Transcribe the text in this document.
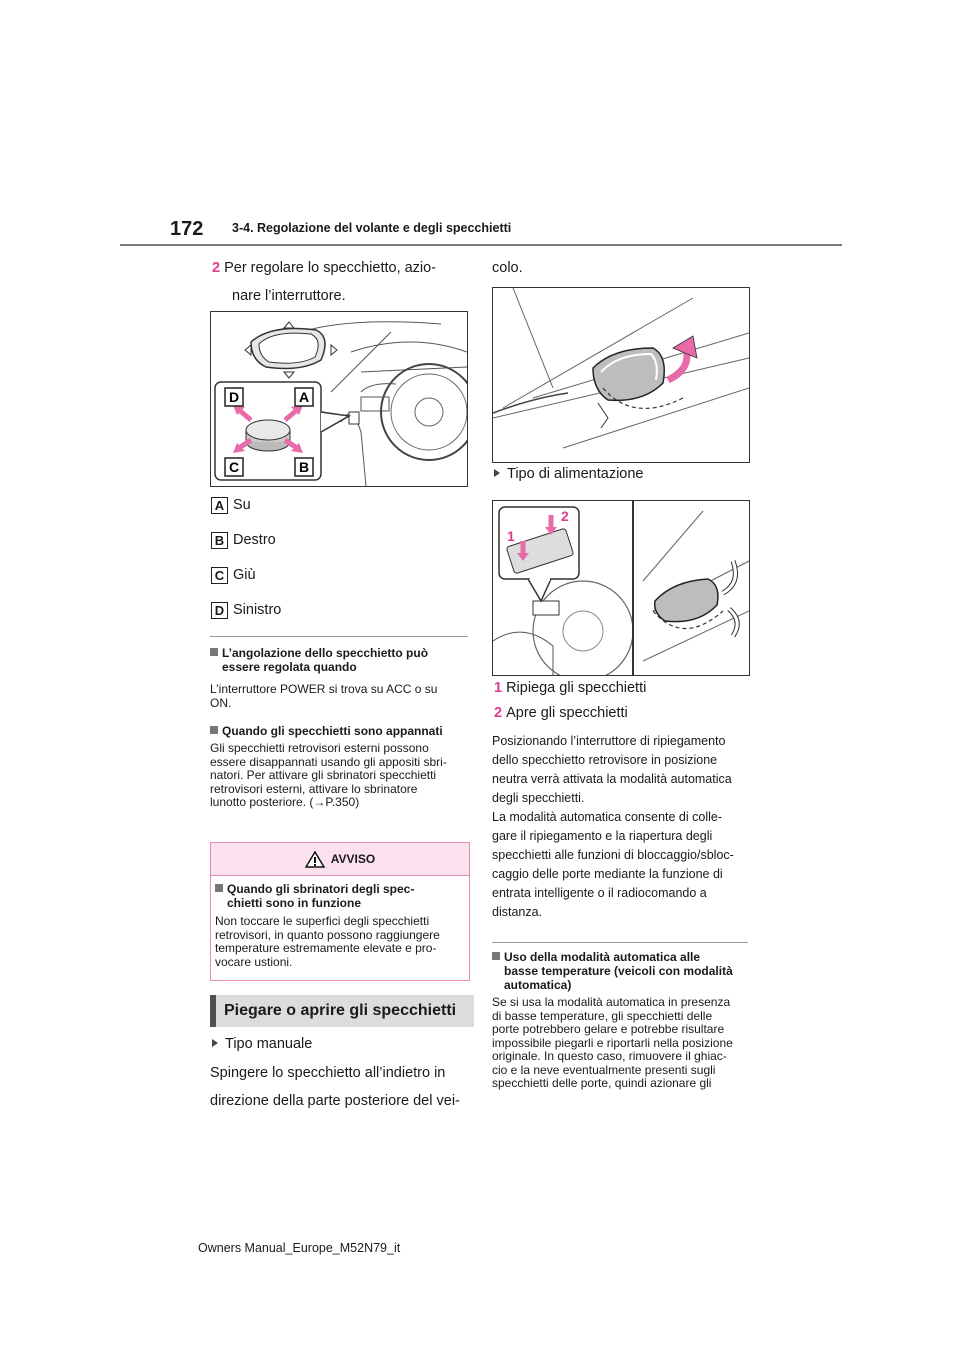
172 3-4. Regolazione del volante e degli specchietti
2 Per regolare lo specchietto, azio-
nare l’interruttore.
D	A
C	B
A Su
B Destro
C Giù
D Sinistro
L’angolazione dello specchietto può
essere regolata quando
L’interruttore POWER si trova su ACC o su
ON.
Quando gli specchietti sono appannati
Gli specchietti retrovisori esterni possono
essere disappannati usando gli appositi sbri-
natori. Per attivare gli sbrinatori specchietti
retrovisori esterni, attivare lo sbrinatore
lunotto posteriore. (→P.350)
AVVISO
Quando gli sbrinatori degli spec-
chietti sono in funzione
Non toccare le superfici degli specchietti
retrovisori, in quanto possono raggiungere
temperature estremamente elevate e pro-
vocare ustioni.
Piegare o aprire gli specchietti
Tipo manuale
Spingere lo specchietto all’indietro in
direzione della parte posteriore del vei-
colo.
Tipo di alimentazione
1
2
1 Ripiega gli specchietti
2 Apre gli specchietti
Posizionando l’interruttore di ripiegamento
dello specchietto retrovisore in posizione
neutra verrà attivata la modalità automatica
degli specchietti.
La modalità automatica consente di colle-
gare il ripiegamento e la riapertura degli
specchietti alle funzioni di bloccaggio/sbloc-
caggio delle porte mediante la funzione di
entrata intelligente o il radiocomando a
distanza.
Uso della modalità automatica alle
basse temperature (veicoli con modalità
automatica)
Se si usa la modalità automatica in presenza
di basse temperature, gli specchietti delle
porte potrebbero gelare e potrebbe risultare
impossibile piegarli e riportarli nella posizione
originale. In questo caso, rimuovere il ghiac-
cio e la neve eventualmente presenti sugli
specchietti delle porte, quindi azionare gli
Owners Manual_Europe_M52N79_it
